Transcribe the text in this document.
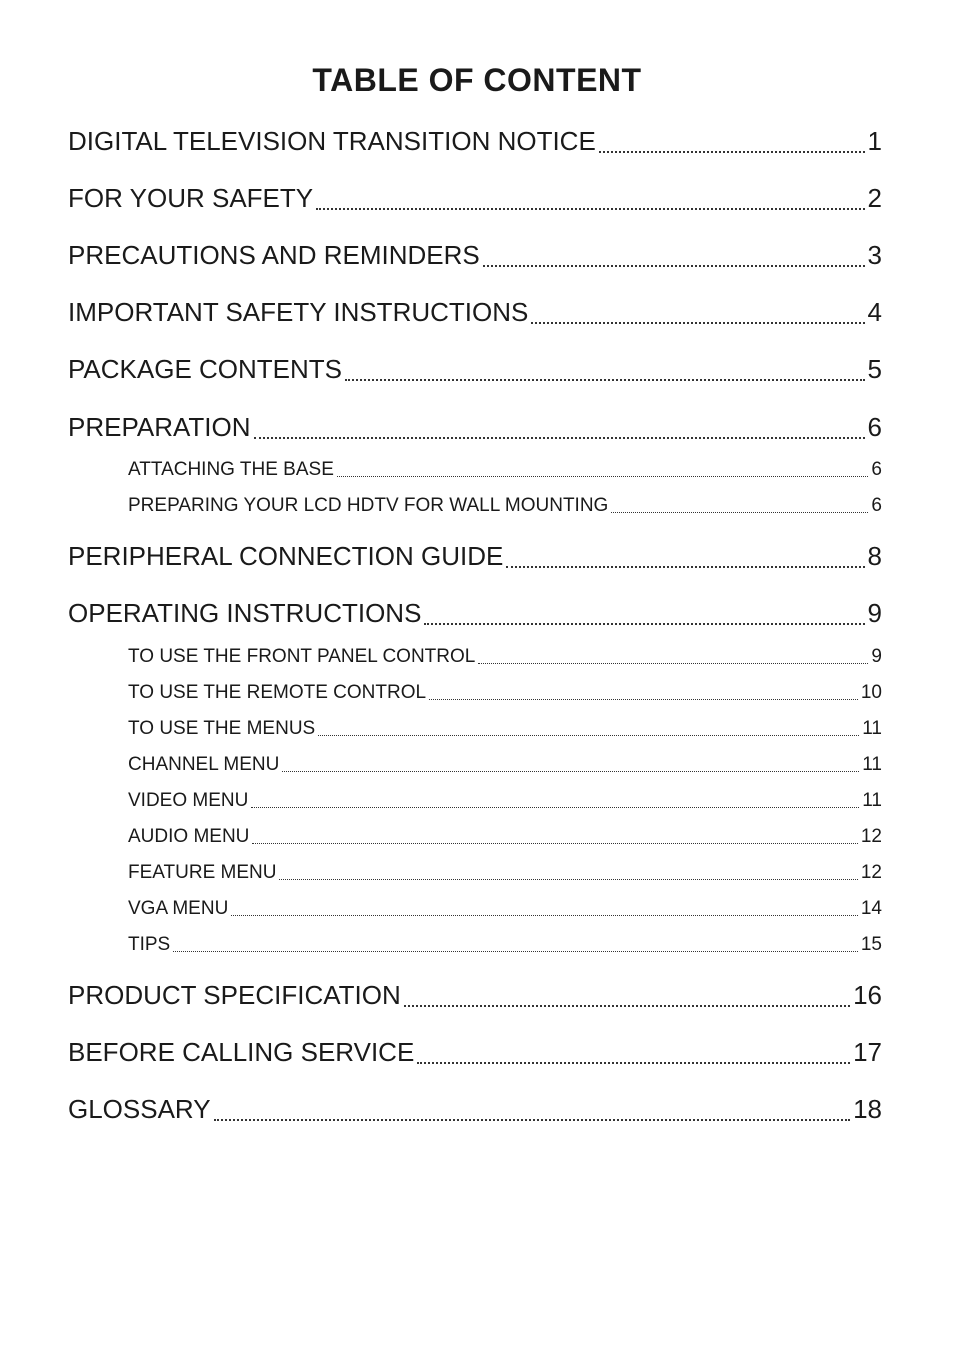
TABLE OF CONTENT
DIGITAL TELEVISION TRANSITION NOTICE	1
FOR YOUR SAFETY	2
PRECAUTIONS AND REMINDERS	3
IMPORTANT SAFETY INSTRUCTIONS	4
PACKAGE CONTENTS	5
PREPARATION	6
ATTACHING THE BASE	6
PREPARING YOUR LCD HDTV FOR WALL MOUNTING	6
PERIPHERAL CONNECTION GUIDE	8
OPERATING INSTRUCTIONS	9
TO USE THE FRONT PANEL CONTROL	9
TO USE THE REMOTE CONTROL	10
TO USE THE MENUS	11
CHANNEL MENU	11
VIDEO MENU	11
AUDIO MENU	12
FEATURE MENU	12
VGA MENU	14
TIPS	15
PRODUCT SPECIFICATION	16
BEFORE CALLING SERVICE	17
GLOSSARY	18
